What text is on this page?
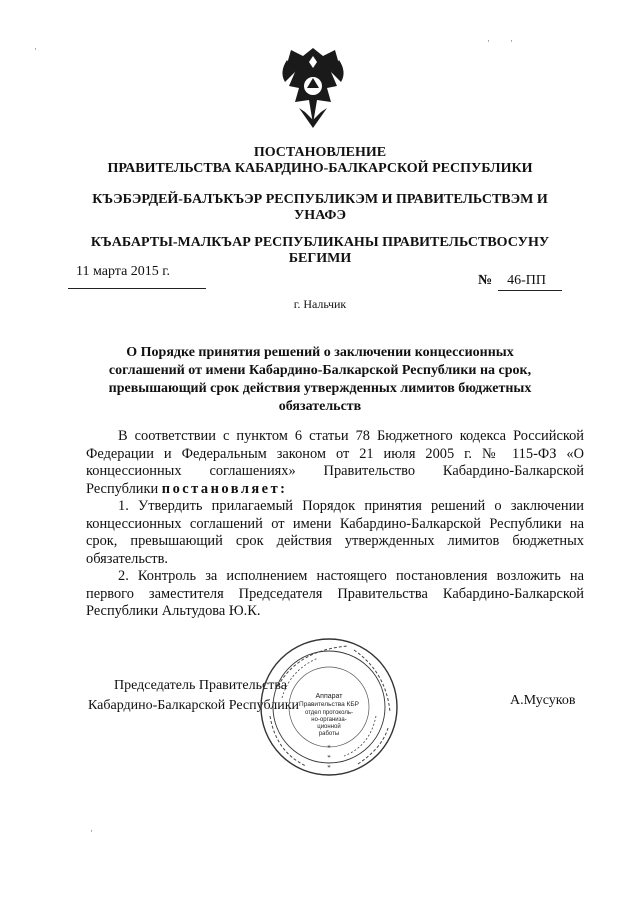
ПОСТАНОВЛЕНИЕ
ПРАВИТЕЛЬСТВА КАБАРДИНО-БАЛКАРСКОЙ РЕСПУБЛИКИ
КЪЭБЭРДЕЙ-БАЛЪКЪЭР РЕСПУБЛИКЭМ И ПРАВИТЕЛЬСТВЭМ И
УНАФЭ
КЪАБАРТЫ-МАЛКЪАР РЕСПУБЛИКАНЫ ПРАВИТЕЛЬСТВОСУНУ
БЕГИМИ
11 марта 2015 г.
№ 46-ПП
г. Нальчик
О Порядке принятия решений о заключении концессионных
соглашений от имени Кабардино-Балкарской Республики на срок,
превышающий срок действия утвержденных лимитов бюджетных
обязательств

В соответствии с пунктом 6 статьи 78 Бюджетного кодекса Российской Федерации и Федеральным законом от 21 июля 2005 г. № 115-ФЗ «О концессионных соглашениях» Правительство Кабардино-Балкарской Республики постановляет:

1. Утвердить прилагаемый Порядок принятия решений о заключении концессионных соглашений от имени Кабардино-Балкарской Республики на срок, превышающий срок действия утвержденных лимитов бюджетных обязательств.

2. Контроль за исполнением настоящего постановления возложить на первого заместителя Председателя Правительства Кабардино-Балкарской Республики Альтудова Ю.К.

Председатель Правительства
Кабардино-Балкарской Республики	А.Мусуков
Аппарат
Правительства КБР
отдел протоколь-
но-организа-
ционной
работы
*
*
*
·
· ·
·
